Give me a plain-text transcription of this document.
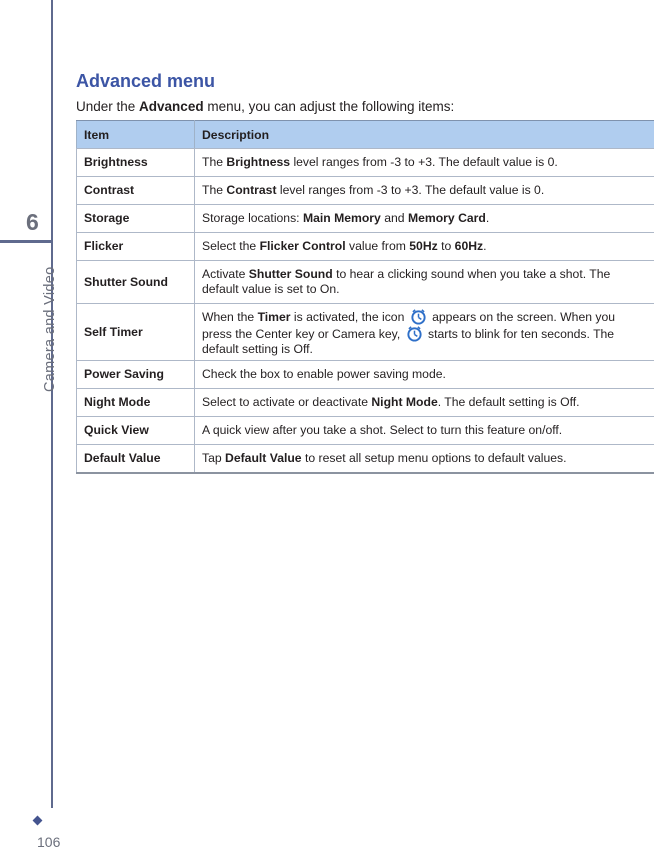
6
Camera and Video
106
Advanced menu
Under the Advanced menu, you can adjust the following items:
Item	Description
Brightness	The Brightness level ranges from -3 to +3. The default value is 0.
Contrast	The Contrast level ranges from -3 to +3. The default value is 0.
Storage	Storage locations: Main Memory and Memory Card.
Flicker	Select the Flicker Control value from 50Hz to 60Hz.
Shutter Sound	Activate Shutter Sound to hear a clicking sound when you take a shot. The default value is set to On.
Self Timer	When the Timer is activated, the icon  appears on the screen. When you press the Center key or Camera key,  starts to blink for ten seconds. The default setting is Off.
Power Saving	Check the box to enable power saving mode.
Night Mode	Select to activate or deactivate Night Mode. The default setting is Off.
Quick View	A quick view after you take a shot. Select to turn this feature on/off.
Default Value	Tap Default Value to reset all setup menu options to default values.
